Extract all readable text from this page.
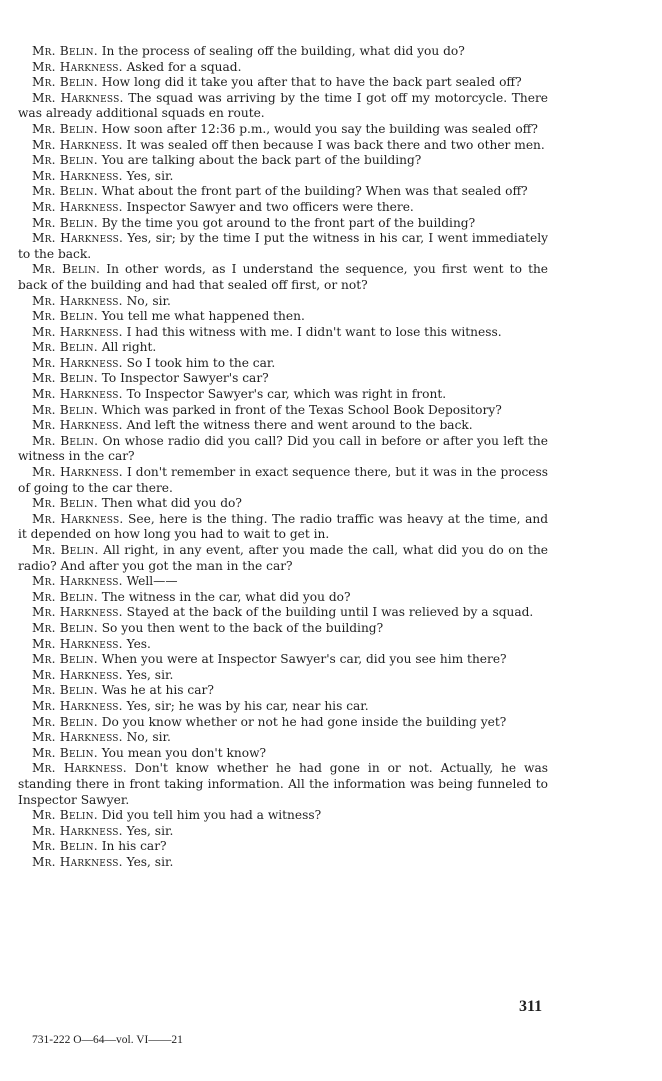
Mr. Belin. In the process of sealing off the building, what did you do?

Mr. Harkness. Asked for a squad.

Mr. Belin. How long did it take you after that to have the back part sealed off?

Mr. Harkness. The squad was arriving by the time I got off my motorcycle. There was already additional squads en route.

Mr. Belin. How soon after 12:36 p.m., would you say the building was sealed off?

Mr. Harkness. It was sealed off then because I was back there and two other men.

Mr. Belin. You are talking about the back part of the building?

Mr. Harkness. Yes, sir.

Mr. Belin. What about the front part of the building? When was that sealed off?

Mr. Harkness. Inspector Sawyer and two officers were there.

Mr. Belin. By the time you got around to the front part of the building?

Mr. Harkness. Yes, sir; by the time I put the witness in his car, I went immediately to the back.

Mr. Belin. In other words, as I understand the sequence, you first went to the back of the building and had that sealed off first, or not?

Mr. Harkness. No, sir.

Mr. Belin. You tell me what happened then.

Mr. Harkness. I had this witness with me. I didn't want to lose this witness.

Mr. Belin. All right.

Mr. Harkness. So I took him to the car.

Mr. Belin. To Inspector Sawyer's car?

Mr. Harkness. To Inspector Sawyer's car, which was right in front.

Mr. Belin. Which was parked in front of the Texas School Book Depository?

Mr. Harkness. And left the witness there and went around to the back.

Mr. Belin. On whose radio did you call? Did you call in before or after you left the witness in the car?

Mr. Harkness. I don't remember in exact sequence there, but it was in the process of going to the car there.

Mr. Belin. Then what did you do?

Mr. Harkness. See, here is the thing. The radio traffic was heavy at the time, and it depended on how long you had to wait to get in.

Mr. Belin. All right, in any event, after you made the call, what did you do on the radio? And after you got the man in the car?

Mr. Harkness. Well——

Mr. Belin. The witness in the car, what did you do?

Mr. Harkness. Stayed at the back of the building until I was relieved by a squad.

Mr. Belin. So you then went to the back of the building?

Mr. Harkness. Yes.

Mr. Belin. When you were at Inspector Sawyer's car, did you see him there?

Mr. Harkness. Yes, sir.

Mr. Belin. Was he at his car?

Mr. Harkness. Yes, sir; he was by his car, near his car.

Mr. Belin. Do you know whether or not he had gone inside the building yet?

Mr. Harkness. No, sir.

Mr. Belin. You mean you don't know?

Mr. Harkness. Don't know whether he had gone in or not. Actually, he was standing there in front taking information. All the information was being funneled to Inspector Sawyer.

Mr. Belin. Did you tell him you had a witness?

Mr. Harkness. Yes, sir.

Mr. Belin. In his car?

Mr. Harkness. Yes, sir.

311
731-222 O—64—vol. VI——21
